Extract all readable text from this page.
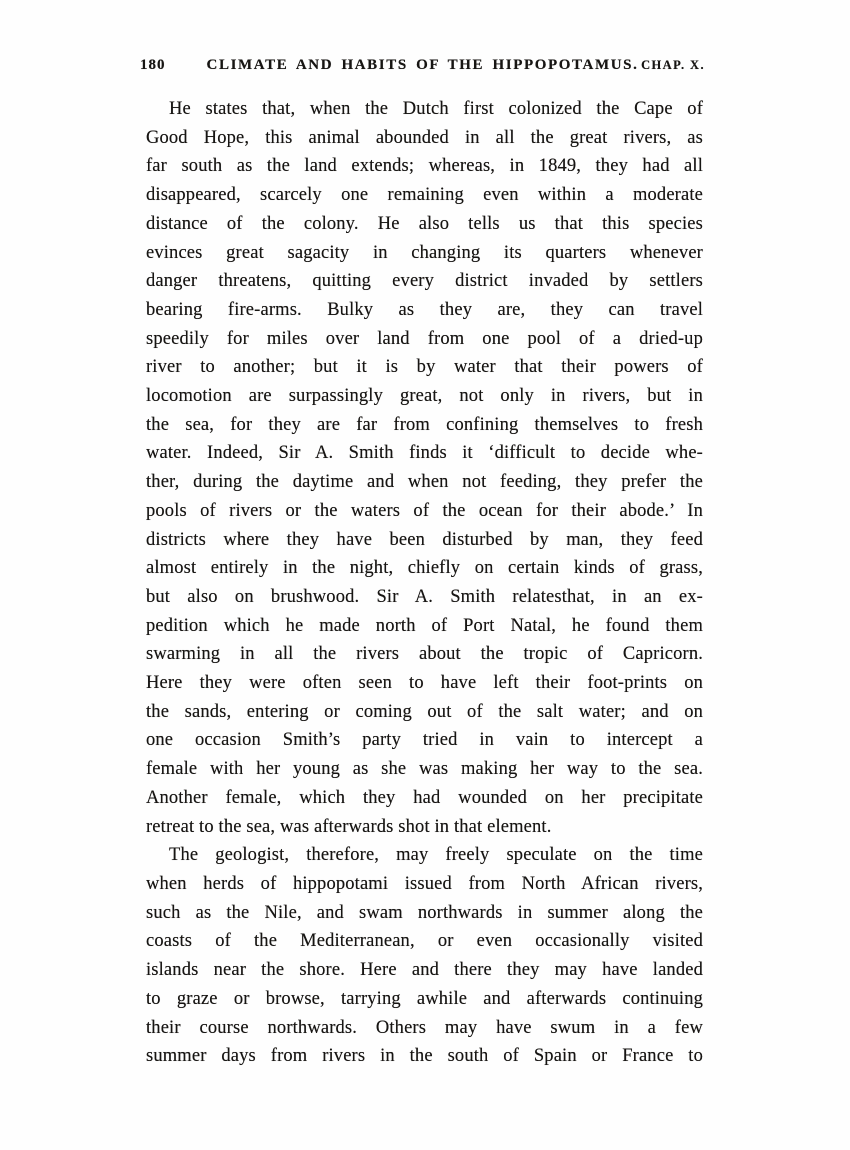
180	CLIMATE AND HABITS OF THE HIPPOPOTAMUS. CHAP. X.
He states that, when the Dutch first colonized the Cape of
Good Hope, this animal abounded in all the great rivers, as
far south as the land extends; whereas, in 1849, they had all
disappeared, scarcely one remaining even within a moderate
distance of the colony. He also tells us that this species
evinces great sagacity in changing its quarters whenever
danger threatens, quitting every district invaded by settlers
bearing fire-arms. Bulky as they are, they can travel
speedily for miles over land from one pool of a dried-up
river to another; but it is by water that their powers of
locomotion are surpassingly great, not only in rivers, but in
the sea, for they are far from confining themselves to fresh
water. Indeed, Sir A. Smith finds it ‘difficult to decide whe-
ther, during the daytime and when not feeding, they prefer the
pools of rivers or the waters of the ocean for their abode.’ In
districts where they have been disturbed by man, they feed
almost entirely in the night, chiefly on certain kinds of grass,
but also on brushwood. Sir A. Smith relatesthat, in an ex-
pedition which he made north of Port Natal, he found them
swarming in all the rivers about the tropic of Capricorn.
Here they were often seen to have left their foot-prints on
the sands, entering or coming out of the salt water; and on
one occasion Smith’s party tried in vain to intercept a
female with her young as she was making her way to the sea.
Another female, which they had wounded on her precipitate
retreat to the sea, was afterwards shot in that element.
The geologist, therefore, may freely speculate on the time
when herds of hippopotami issued from North African rivers,
such as the Nile, and swam northwards in summer along the
coasts of the Mediterranean, or even occasionally visited
islands near the shore. Here and there they may have landed
to graze or browse, tarrying awhile and afterwards continuing
their course northwards. Others may have swum in a few
summer days from rivers in the south of Spain or France to
